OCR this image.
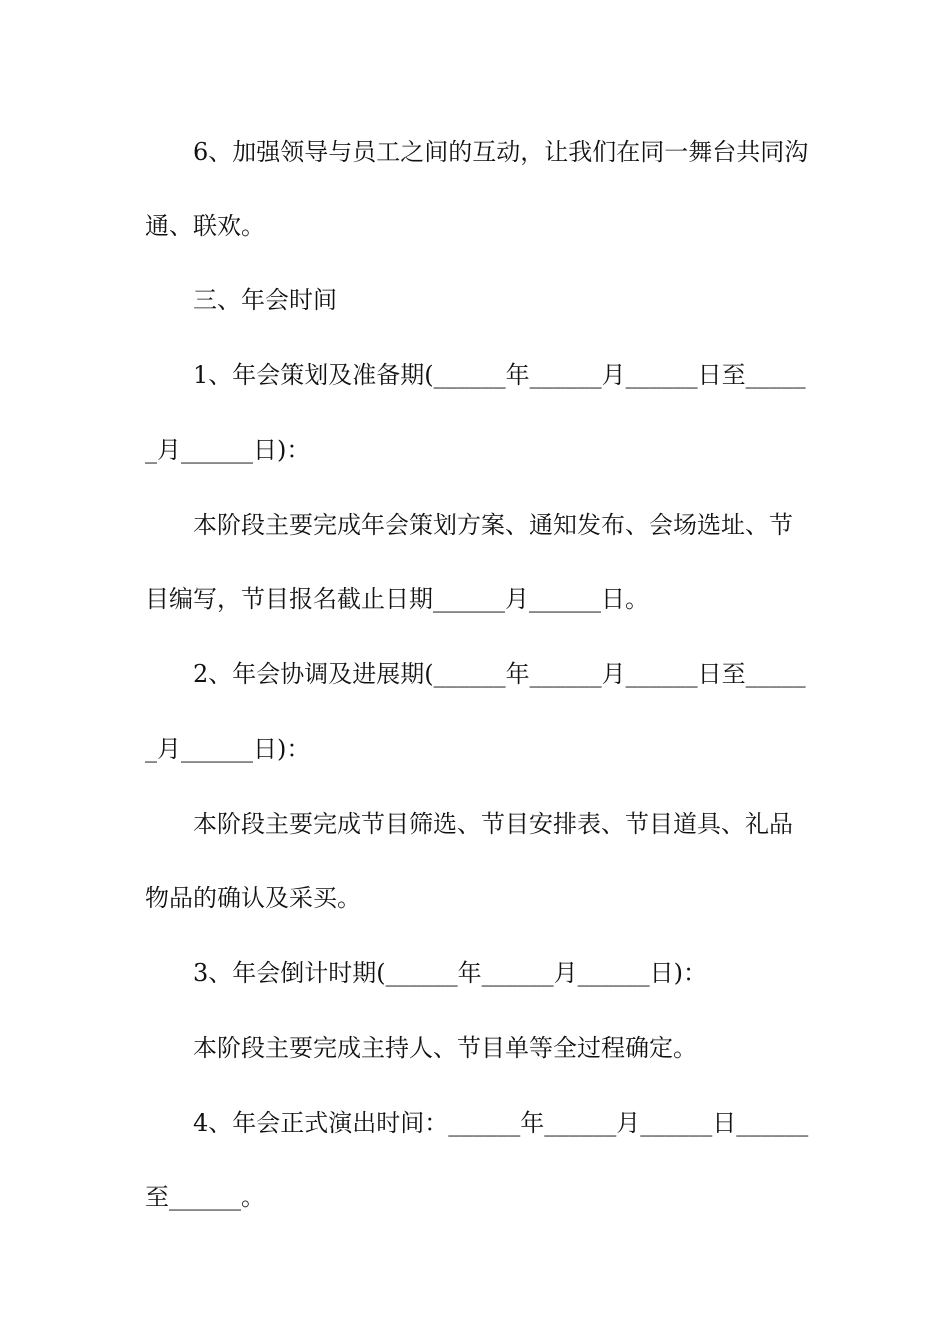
6、加强领导与员工之间的互动，让我们在同一舞台共同沟
通、联欢。
三、年会时间
1、年会策划及准备期(______年______月______日至_____
_月______日)：
本阶段主要完成年会策划方案、通知发布、会场选址、节
目编写，节目报名截止日期______月______日。
2、年会协调及进展期(______年______月______日至_____
_月______日)：
本阶段主要完成节目筛选、节目安排表、节目道具、礼品
物品的确认及采买。
3、年会倒计时期(______年______月______日)：
本阶段主要完成主持人、节目单等全过程确定。
4、年会正式演出时间：______年______月______日______
至______。
